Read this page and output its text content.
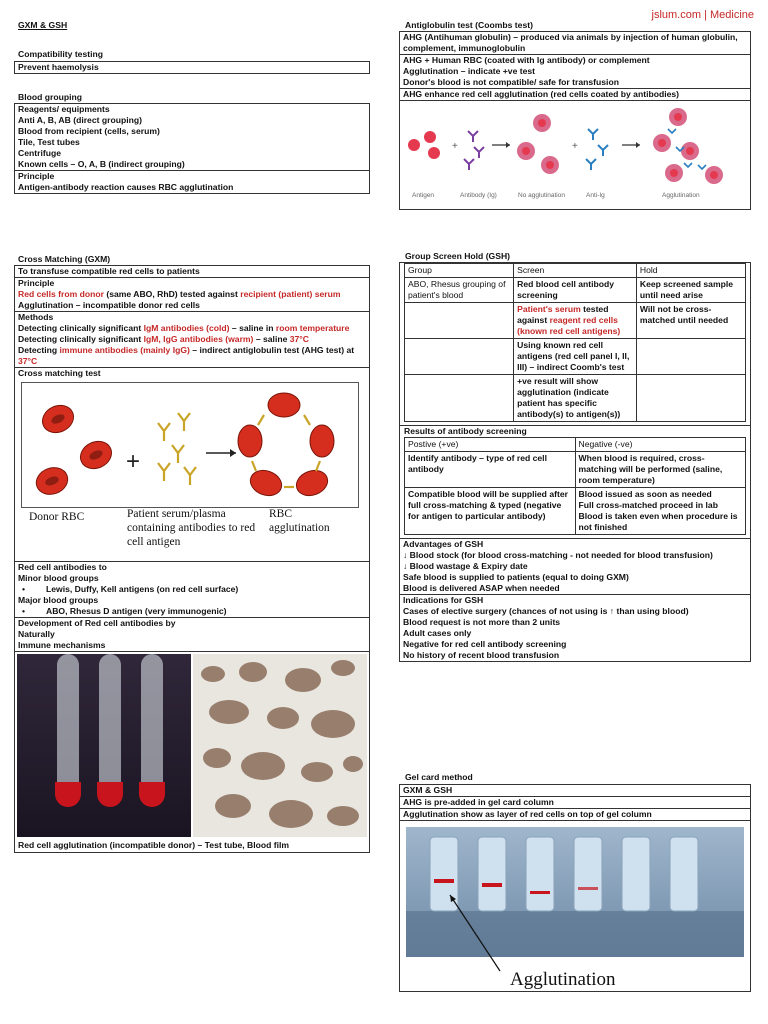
jslum.com | Medicine
GXM & GSH
Compatibility testing
Prevent haemolysis
Blood grouping
Reagents/ equipments
Anti A, B, AB (direct grouping)
Blood from recipient (cells, serum)
Tile, Test tubes
Centrifuge
Known cells – O, A, B (indirect grouping)
Principle
Antigen-antibody reaction causes RBC agglutination
Antiglobulin test (Coombs test)
AHG (Antihuman globulin) – produced via animals by injection of human globulin, complement, immunoglobulin
AHG + Human RBC (coated with Ig antibody) or complement
Agglutination – indicate +ve test
Donor's blood is not compatible/ safe for transfusion
AHG enhance red cell agglutination (red cells coated by antibodies)
+	+
Antigen	Antibody (Ig)	No agglutination	Anti-Ig	Agglutination
Cross Matching (GXM)
To transfuse compatible red cells to patients
Principle
Red cells from donor (same ABO, RhD) tested against recipient (patient) serum
Agglutination – incompatible donor red cells
Methods
Detecting clinically significant IgM antibodies (cold) – saline in room temperature
Detecting clinically significant IgM, IgG antibodies (warm) – saline 37°C
Detecting immune antibodies (mainly IgG) – indirect antiglobulin test (AHG test) at 37°C
Cross matching test
+
Donor RBC	Patient serum/plasma containing antibodies to red cell antigen
RBC agglutination
Red cell antibodies to
Minor blood groups
• Lewis, Duffy, Kell antigens (on red cell surface)
Major blood groups
• ABO, Rhesus D antigen (very immunogenic)
Development of Red cell antibodies by
Naturally
Immune mechanisms
Red cell agglutination (incompatible donor) – Test tube, Blood film
Group Screen Hold (GSH)
Group	Screen	Hold
ABO, Rhesus grouping of patient's blood	Red blood cell antibody screening	Keep screened sample until need arise
	Patient's serum tested against reagent red cells (known red cell antigens)	Will not be cross-matched until needed
	Using known red cell antigens (red cell panel I, II, III) – indirect Coomb's test	
	+ve result will show agglutination (indicate patient has specific antibody(s) to antigen(s))	
Results of antibody screening
Postive (+ve)	Negative (-ve)
Identify antibody – type of red cell antibody	When blood is required, cross-matching will be performed (saline, room temperature)
Compatible blood will be supplied after full cross-matching & typed (negative for antigen to particular antibody)	Blood issued as soon as needed
Full cross-matched proceed in lab
Blood is taken even when procedure is not finished
Advantages of GSH
↓ Blood stock (for blood cross-matching - not needed for blood transfusion)
↓ Blood wastage & Expiry date
Safe blood is supplied to patients (equal to doing GXM)
Blood is delivered ASAP when needed
Indications for GSH
Cases of elective surgery (chances of not using is ↑ than using blood)
Blood request is not more than 2 units
Adult cases only
Negative for red cell antibody screening
No history of recent blood transfusion
Gel card method
GXM & GSH
AHG is pre-added in gel card column
Agglutination show as layer of red cells on top of gel column
Agglutination
